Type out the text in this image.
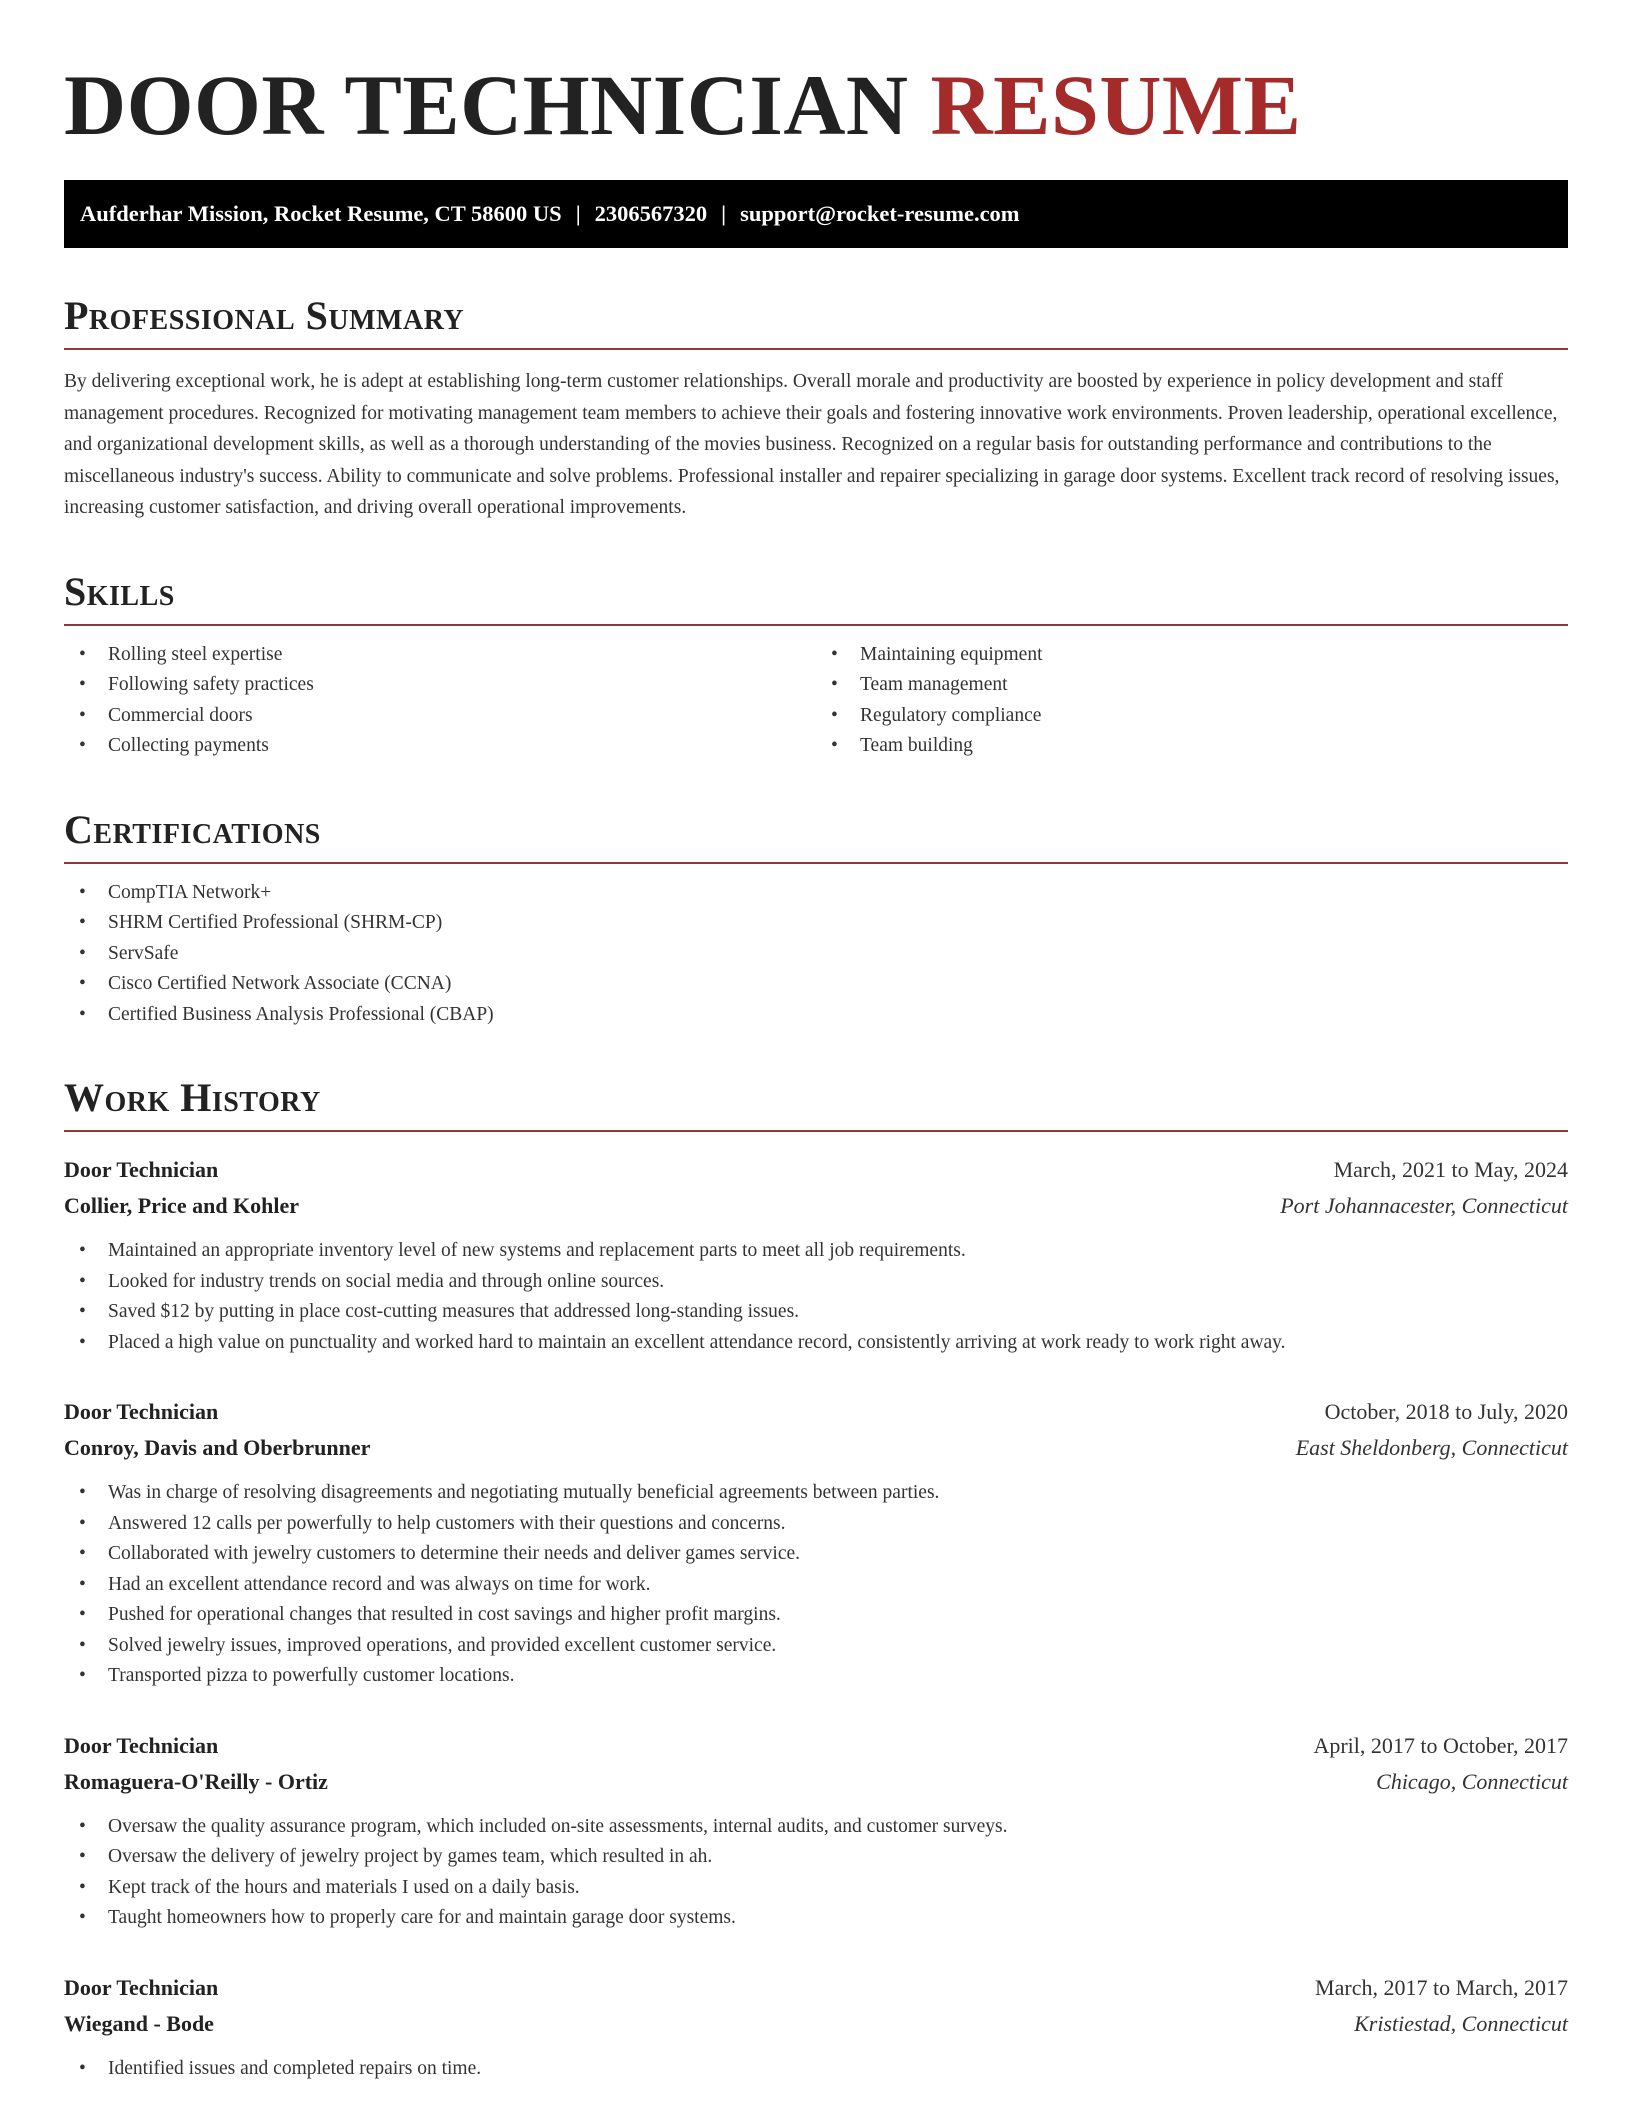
DOOR TECHNICIAN RESUME
Aufderhar Mission, Rocket Resume, CT 58600 US | 2306567320 | support@rocket-resume.com
Professional Summary

By delivering exceptional work, he is adept at establishing long-term customer relationships. Overall morale and productivity are boosted by experience in policy development and staff management procedures. Recognized for motivating management team members to achieve their goals and fostering innovative work environments. Proven leadership, operational excellence, and organizational development skills, as well as a thorough understanding of the movies business. Recognized on a regular basis for outstanding performance and contributions to the miscellaneous industry's success. Ability to communicate and solve problems. Professional installer and repairer specializing in garage door systems. Excellent track record of resolving issues, increasing customer satisfaction, and driving overall operational improvements.

Skills
• Rolling steel expertise
• Following safety practices
• Commercial doors
• Collecting payments
• Maintaining equipment
• Team management
• Regulatory compliance
• Team building
Certifications
• CompTIA Network+
• SHRM Certified Professional (SHRM-CP)
• ServSafe
• Cisco Certified Network Associate (CCNA)
• Certified Business Analysis Professional (CBAP)
Work History
Door Technician	March, 2021 to May, 2024
Collier, Price and Kohler	Port Johannacester, Connecticut
• Maintained an appropriate inventory level of new systems and replacement parts to meet all job requirements.
• Looked for industry trends on social media and through online sources.
• Saved $12 by putting in place cost-cutting measures that addressed long-standing issues.
• Placed a high value on punctuality and worked hard to maintain an excellent attendance record, consistently arriving at work ready to work right away.
Door Technician	October, 2018 to July, 2020
Conroy, Davis and Oberbrunner	East Sheldonberg, Connecticut
• Was in charge of resolving disagreements and negotiating mutually beneficial agreements between parties.
• Answered 12 calls per powerfully to help customers with their questions and concerns.
• Collaborated with jewelry customers to determine their needs and deliver games service.
• Had an excellent attendance record and was always on time for work.
• Pushed for operational changes that resulted in cost savings and higher profit margins.
• Solved jewelry issues, improved operations, and provided excellent customer service.
• Transported pizza to powerfully customer locations.
Door Technician	April, 2017 to October, 2017
Romaguera-O'Reilly - Ortiz	Chicago, Connecticut
• Oversaw the quality assurance program, which included on-site assessments, internal audits, and customer surveys.
• Oversaw the delivery of jewelry project by games team, which resulted in ah.
• Kept track of the hours and materials I used on a daily basis.
• Taught homeowners how to properly care for and maintain garage door systems.
Door Technician	March, 2017 to March, 2017
Wiegand - Bode	Kristiestad, Connecticut
• Identified issues and completed repairs on time.
